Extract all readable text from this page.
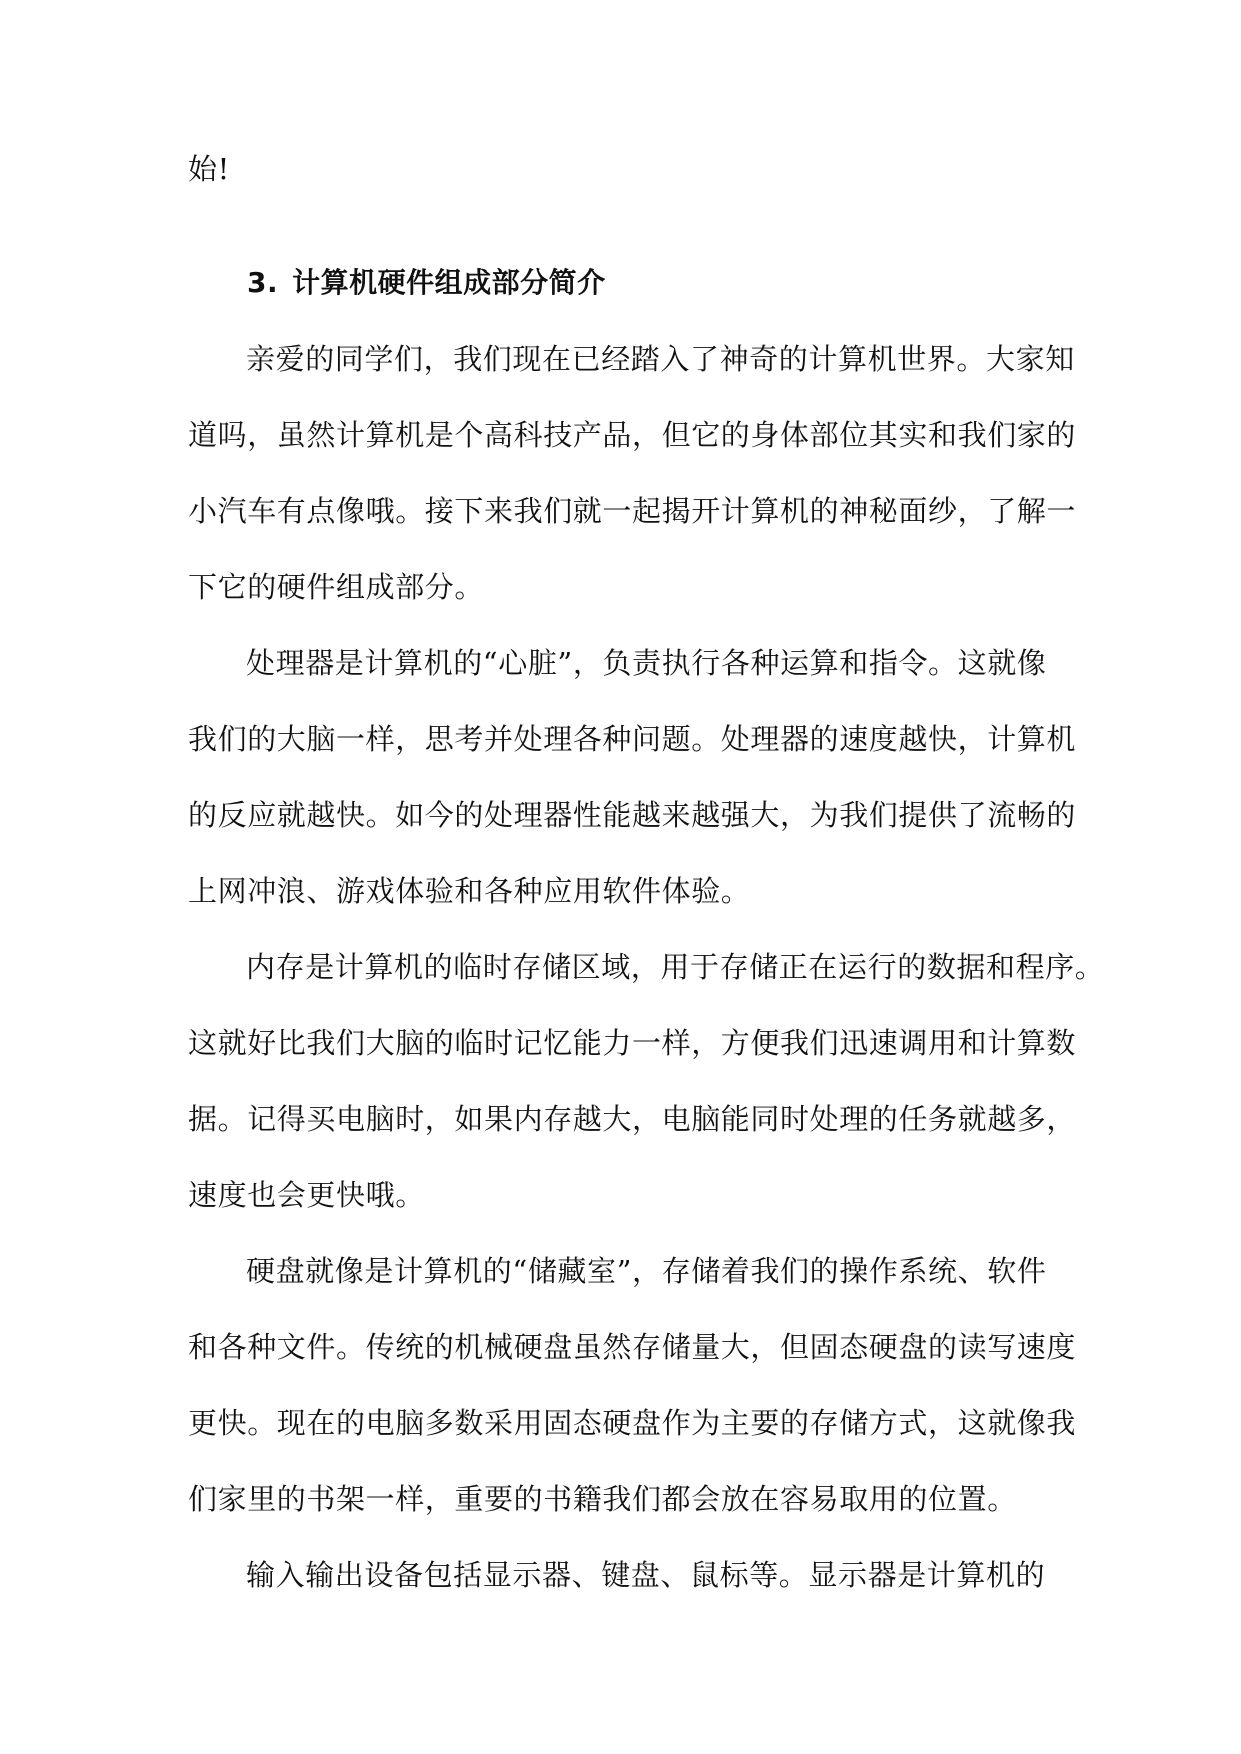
始!

3. 计算机硬件组成部分简介

亲爱的同学们，我们现在已经踏入了神奇的计算机世界。大家知

道吗，虽然计算机是个高科技产品，但它的身体部位其实和我们家的

小汽车有点像哦。接下来我们就一起揭开计算机的神秘面纱，了解一

下它的硬件组成部分。

处理器是计算机的“心脏”，负责执行各种运算和指令。这就像

我们的大脑一样，思考并处理各种问题。处理器的速度越快，计算机

的反应就越快。如今的处理器性能越来越强大，为我们提供了流畅的

上网冲浪、游戏体验和各种应用软件体验。

内存是计算机的临时存储区域，用于存储正在运行的数据和程序。

这就好比我们大脑的临时记忆能力一样，方便我们迅速调用和计算数

据。记得买电脑时，如果内存越大，电脑能同时处理的任务就越多，

速度也会更快哦。

硬盘就像是计算机的“储藏室”，存储着我们的操作系统、软件

和各种文件。传统的机械硬盘虽然存储量大，但固态硬盘的读写速度

更快。现在的电脑多数采用固态硬盘作为主要的存储方式，这就像我

们家里的书架一样，重要的书籍我们都会放在容易取用的位置。

输入输出设备包括显示器、键盘、鼠标等。显示器是计算机的
